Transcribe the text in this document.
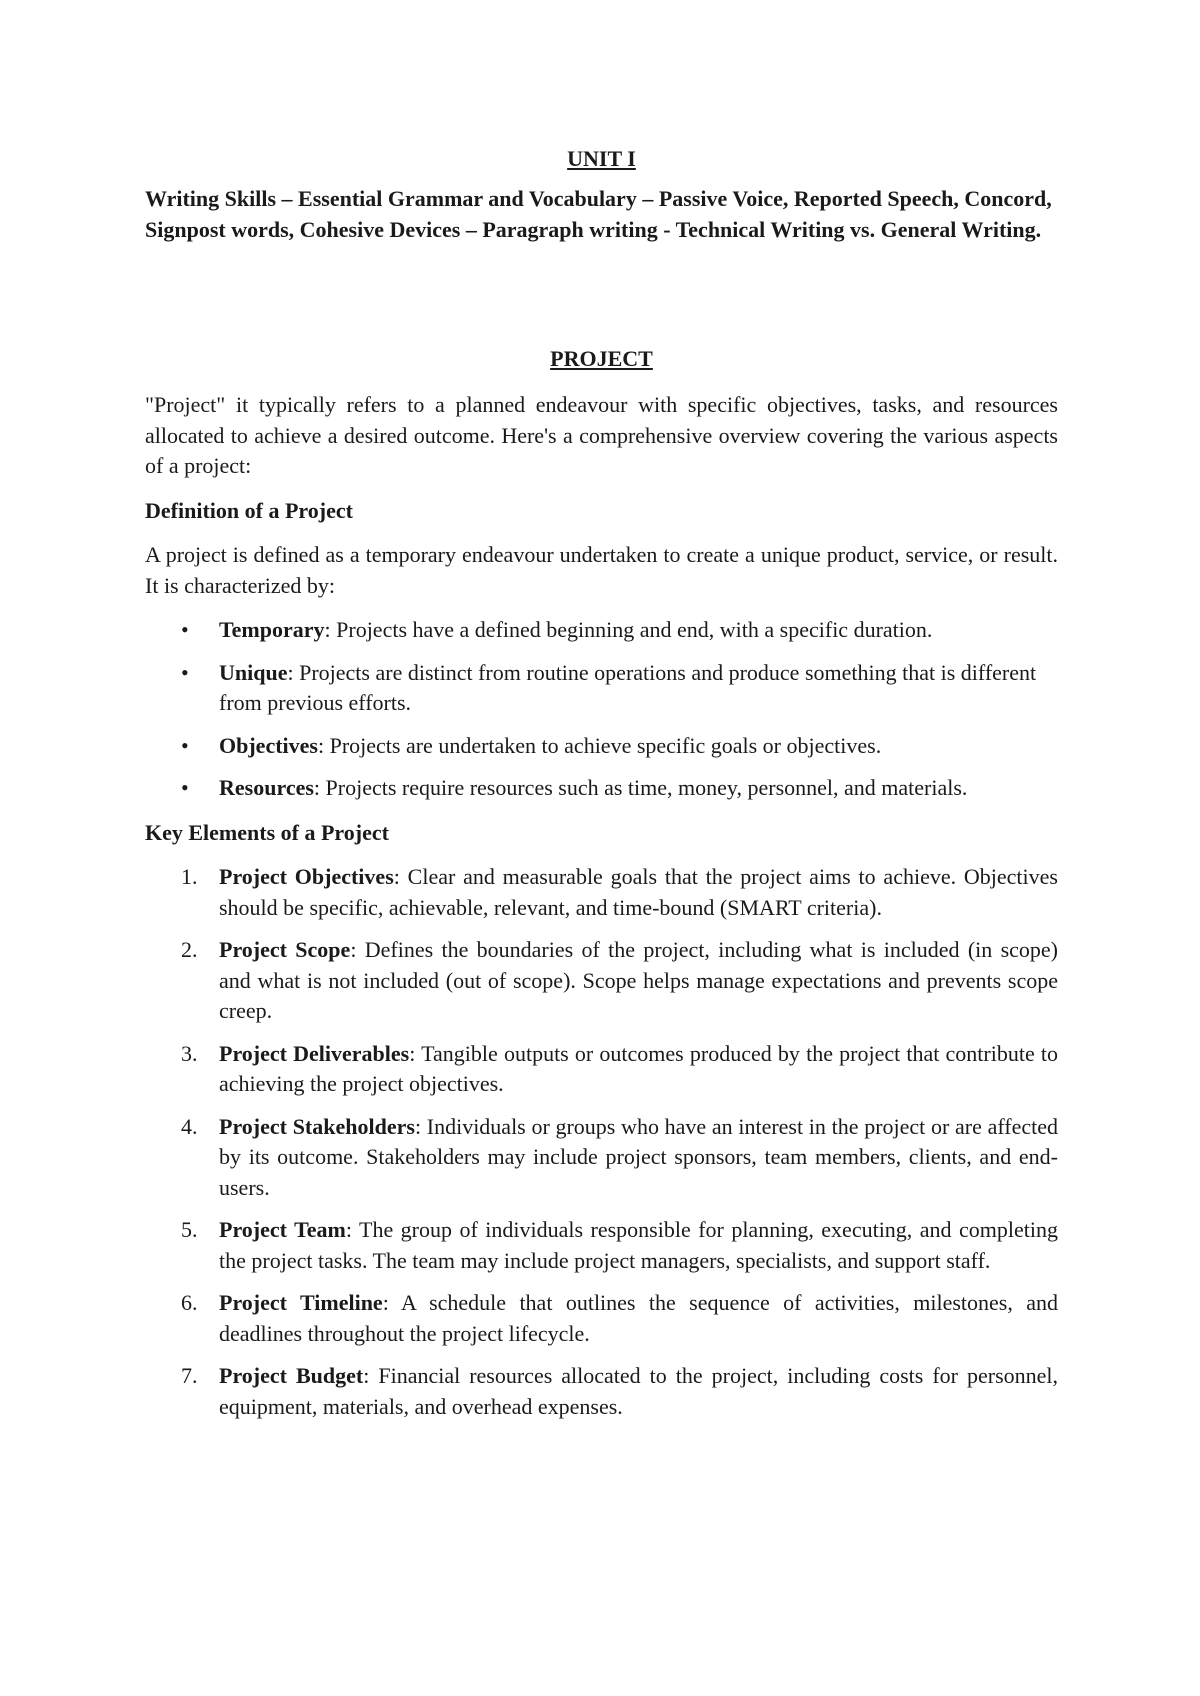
UNIT I

Writing Skills – Essential Grammar and Vocabulary – Passive Voice, Reported Speech, Concord, Signpost words, Cohesive Devices – Paragraph writing - Technical Writing vs. General Writing.

PROJECT

"Project" it typically refers to a planned endeavour with specific objectives, tasks, and resources allocated to achieve a desired outcome. Here's a comprehensive overview covering the various aspects of a project:

Definition of a Project

A project is defined as a temporary endeavour undertaken to create a unique product, service, or result. It is characterized by:

•	Temporary: Projects have a defined beginning and end, with a specific duration.
•	Unique: Projects are distinct from routine operations and produce something that is different from previous efforts.
•	Objectives: Projects are undertaken to achieve specific goals or objectives.
•	Resources: Projects require resources such as time, money, personnel, and materials.
Key Elements of a Project
1. Project Objectives: Clear and measurable goals that the project aims to achieve. Objectives should be specific, achievable, relevant, and time-bound (SMART criteria).
2. Project Scope: Defines the boundaries of the project, including what is included (in scope) and what is not included (out of scope). Scope helps manage expectations and prevents scope creep.
3. Project Deliverables: Tangible outputs or outcomes produced by the project that contribute to achieving the project objectives.
4. Project Stakeholders: Individuals or groups who have an interest in the project or are affected by its outcome. Stakeholders may include project sponsors, team members, clients, and end-users.
5. Project Team: The group of individuals responsible for planning, executing, and completing the project tasks. The team may include project managers, specialists, and support staff.
6. Project Timeline: A schedule that outlines the sequence of activities, milestones, and deadlines throughout the project lifecycle.
7. Project Budget: Financial resources allocated to the project, including costs for personnel, equipment, materials, and overhead expenses.
